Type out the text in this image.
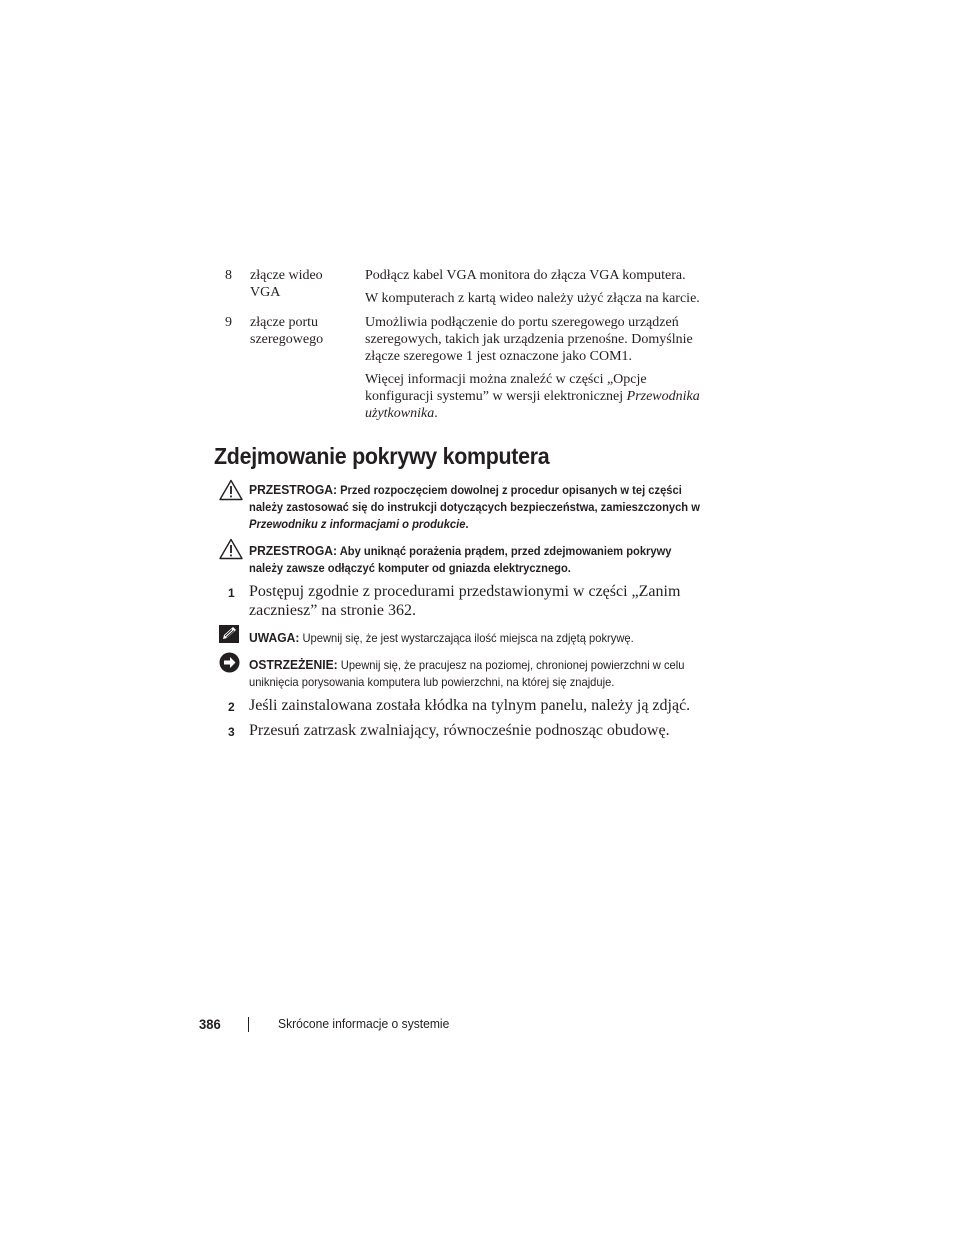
8 złącze wideo
VGA

Podłącz kabel VGA monitora do złącza VGA komputera.

W komputerach z kartą wideo należy użyć złącza na karcie.

9 złącze portu
szeregowego

Umożliwia podłączenie do portu szeregowego urządzeń szeregowych, takich jak urządzenia przenośne. Domyślnie złącze szeregowe 1 jest oznaczone jako COM1.

Więcej informacji można znaleźć w części „Opcje konfiguracji systemu” w wersji elektronicznej Przewodnika użytkownika.

Zdejmowanie pokrywy komputera
PRZESTROGA: Przed rozpoczęciem dowolnej z procedur opisanych w tej części należy zastosować się do instrukcji dotyczących bezpieczeństwa, zamieszczonych w Przewodniku z informacjami o produkcie.
PRZESTROGA: Aby uniknąć porażenia prądem, przed zdejmowaniem pokrywy należy zawsze odłączyć komputer od gniazda elektrycznego.
1 Postępuj zgodnie z procedurami przedstawionymi w części „Zanim zaczniesz” na stronie 362.
UWAGA: Upewnij się, że jest wystarczająca ilość miejsca na zdjętą pokrywę.
OSTRZEŻENIE: Upewnij się, że pracujesz na poziomej, chronionej powierzchni w celu uniknięcia porysowania komputera lub powierzchni, na której się znajduje.
2 Jeśli zainstalowana została kłódka na tylnym panelu, należy ją zdjąć.
3 Przesuń zatrzask zwalniający, równocześnie podnosząc obudowę.
386	Skrócone informacje o systemie
